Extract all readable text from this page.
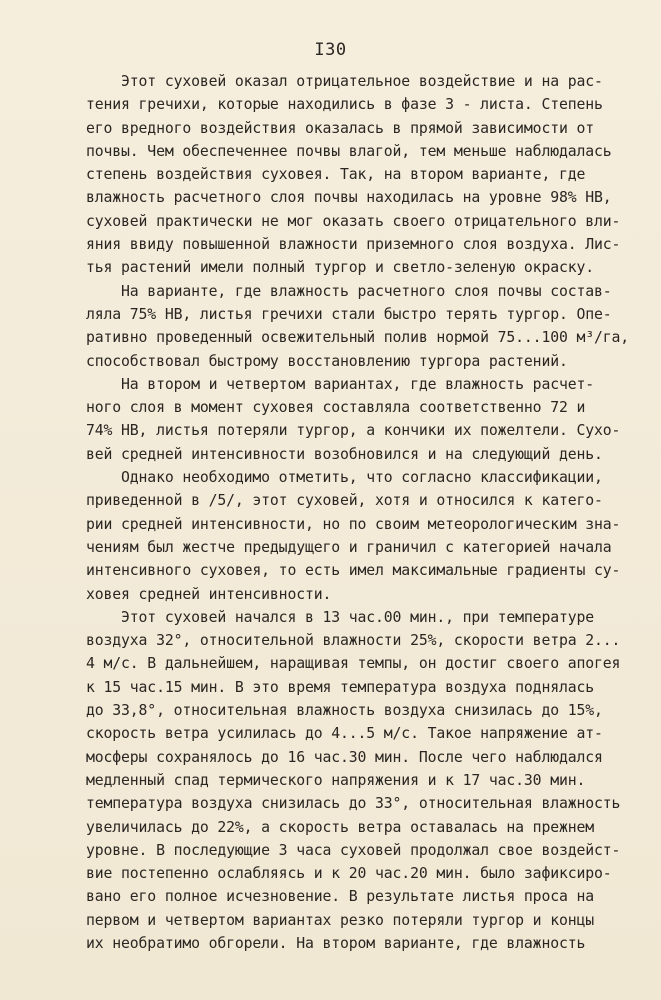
I30
Этот суховей оказал отрицательное воздействие и на рас-
тения гречихи, которые находились в фазе 3 - листа. Степень
его вредного воздействия оказалась в прямой зависимости от
почвы. Чем обеспеченнее почвы влагой, тем меньше наблюдалась
степень воздействия суховея. Так, на втором варианте, где
влажность расчетного слоя почвы находилась на уровне 98% НВ,
суховей практически не мог оказать своего отрицательного вли-
яния ввиду повышенной влажности приземного слоя воздуха. Лис-
тья растений имели полный тургор и светло-зеленую окраску.
На варианте, где влажность расчетного слоя почвы состав-
ляла 75% НВ, листья гречихи стали быстро терять тургор. Опе-
ративно проведенный освежительный полив нормой 75...100 м³/га,
способствовал быстрому восстановлению тургора растений.
На втором и четвертом вариантах, где влажность расчет-
ного слоя в момент суховея составляла соответственно 72 и
74% НВ, листья потеряли тургор, а кончики их пожелтели. Сухо-
вей средней интенсивности возобновился и на следующий день.
Однако необходимо отметить, что согласно классификации,
приведенной в /5/, этот суховей, хотя и относился к катего-
рии средней интенсивности, но по своим метеорологическим зна-
чениям был жестче предыдущего и граничил с категорией начала
интенсивного суховея, то есть имел максимальные градиенты су-
ховея средней интенсивности.
Этот суховей начался в 13 час.00 мин., при температуре
воздуха 32°, относительной влажности 25%, скорости ветра 2...
4 м/с. В дальнейшем, наращивая темпы, он достиг своего апогея
к 15 час.15 мин. В это время температура воздуха поднялась
до 33,8°, относительная влажность воздуха снизилась до 15%,
скорость ветра усилилась до 4...5 м/с. Такое напряжение ат-
мосферы сохранялось до 16 час.30 мин. После чего наблюдался
медленный спад термического напряжения и к 17 час.30 мин.
температура воздуха снизилась до 33°, относительная влажность
увеличилась до 22%, а скорость ветра оставалась на прежнем
уровне. В последующие 3 часа суховей продолжал свое воздейст-
вие постепенно ослабляясь и к 20 час.20 мин. было зафиксиро-
вано его полное исчезновение. В результате листья проса на
первом и четвертом вариантах резко потеряли тургор и концы
их необратимо обгорели. На втором варианте, где влажность
